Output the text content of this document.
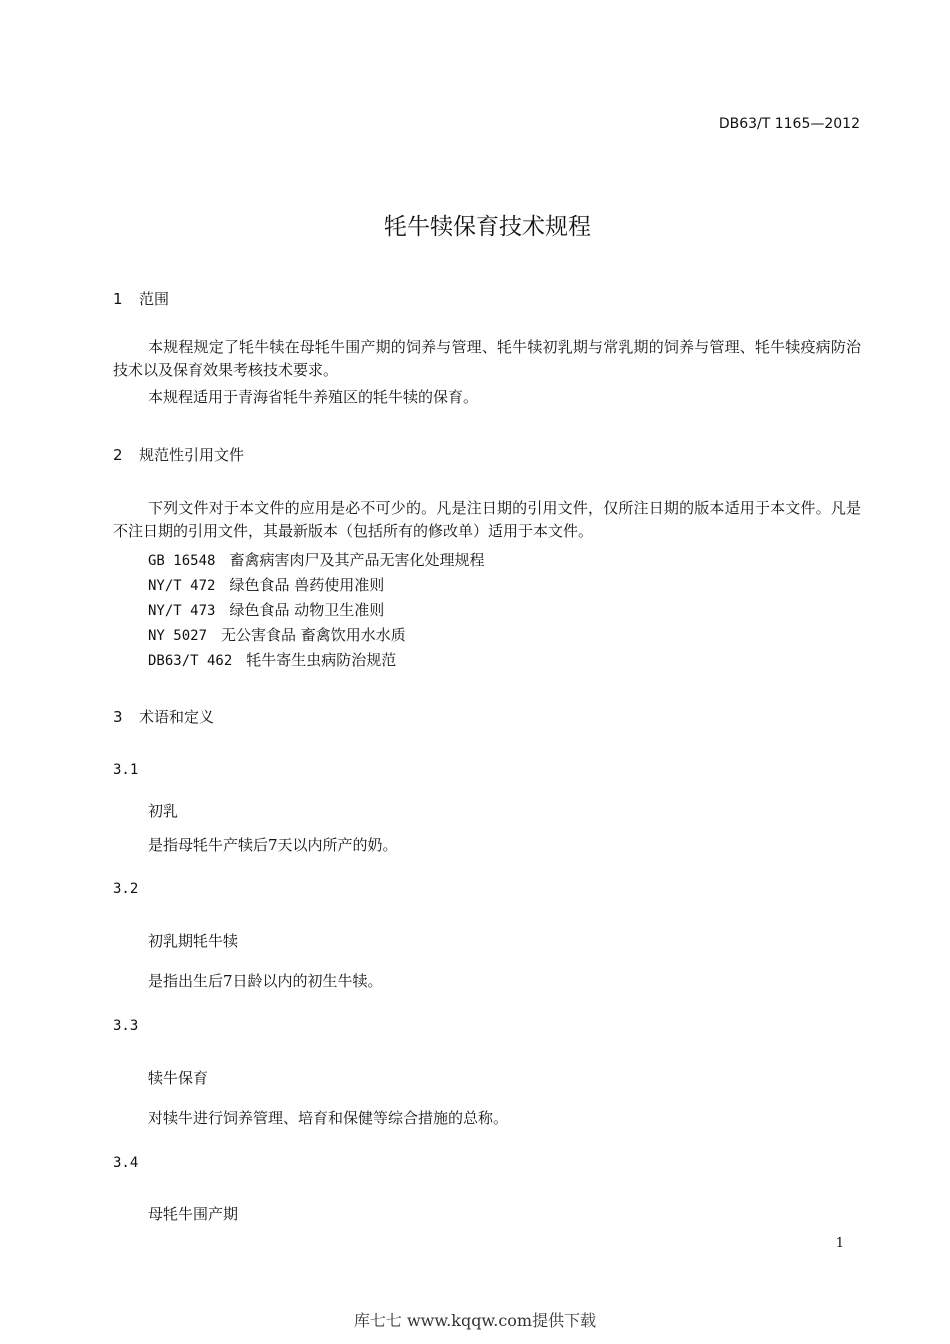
DB63/T 1165—2012
牦牛犊保育技术规程
1 范围
本规程规定了牦牛犊在母牦牛围产期的饲养与管理、牦牛犊初乳期与常乳期的饲养与管理、牦牛犊疫病防治技术以及保育效果考核技术要求。
本规程适用于青海省牦牛养殖区的牦牛犊的保育。
2 规范性引用文件
下列文件对于本文件的应用是必不可少的。凡是注日期的引用文件，仅所注日期的版本适用于本文件。凡是不注日期的引用文件，其最新版本（包括所有的修改单）适用于本文件。
GB 16548 畜禽病害肉尸及其产品无害化处理规程
NY/T 472 绿色食品 兽药使用准则
NY/T 473 绿色食品 动物卫生准则
NY 5027 无公害食品 畜禽饮用水水质
DB63/T 462 牦牛寄生虫病防治规范
3 术语和定义
3.1
初乳
是指母牦牛产犊后7天以内所产的奶。
3.2
初乳期牦牛犊
是指出生后7日龄以内的初生牛犊。
3.3
犊牛保育
对犊牛进行饲养管理、培育和保健等综合措施的总称。
3.4
母牦牛围产期
1
库七七 www.kqqw.com提供下载
